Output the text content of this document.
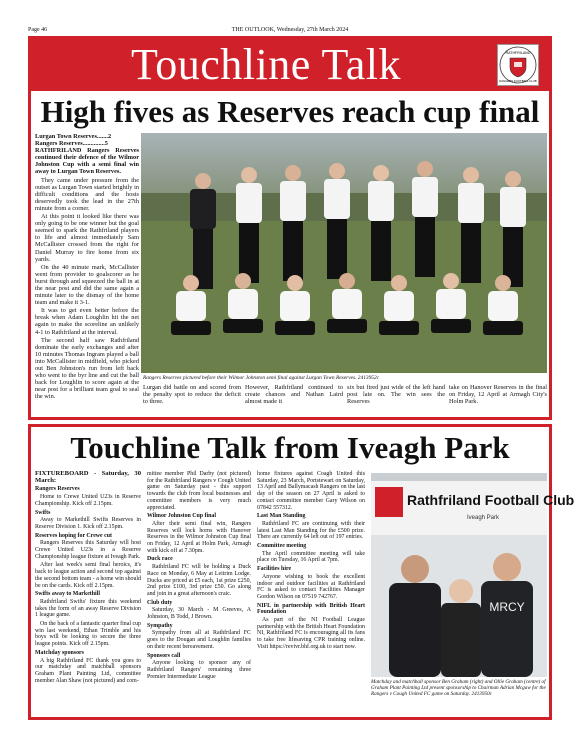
Page 46	THE OUTLOOK, Wednesday, 27th March 2024
Touchline Talk	RATHFRILAND
RANGERS FOOTBALL CLUB
High fives as Reserves reach cup final

Lurgan Town Reserves.......2

Rangers Reserves..............5

RATHFRILAND Rangers Reserves continued their defence of the Wilmor Johnston Cup with a semi final win away to Lurgan Town Reserves.

They came under pressure from the outset as Lurgan Town started brightly in difficult conditions and the hosts deservedly took the lead in the 27th minute from a corner.

At this point it looked like there was only going to be one winner but the goal seemed to spark the Rathfriland players to life and almost immediately Sam McCallister crossed from the right for Daniel Murray to fire home from six yards.

On the 40 minute mark, McCallister went from provider to goalscorer as he burst through and squeezed the ball in at the near post and did the same again a minute later to the dismay of the home team and make it 3-1.

It was to get even better before the break when Adam Loughlin hit the net again to make the scoreline an unlikely 4-1 to Rathfriland at the interval.

The second half saw Rathfriland dominate the early exchanges and after 10 minutes Thomas Ingram played a ball into McCallister in midfield, who picked out Ben Johnston's run from left back who went to the byr line and cut the ball back for Loughlin to score again at the near post for a brilliant team goal to seal the win.

Rangers Reserves pictured before their Wilmor Johnston semi final against Lurgan Town Reserves. 2413952c
Lurgan did battle on and scored from the penalty spot to reduce the deficit to three.
However, Rathfriland continued to create chances and Nathan Laird almost made it
six but fired just wide of the left hand post late on. The win sees the Reserves
take on Hanover Reserves in the final on Friday, 12 April at Armagh City's Holm Park.
Touchline Talk from Iveagh Park

FIXTUREBOARD - Saturday, 30 March:

Rangers Reserves

Home to Crewe United U23s in Reserve Championship. Kick off 2.15pm.

Swifts

Away to Markethill Swifts Reserves in Reserve Division 1. Kick off 2.15pm.

Reserves hoping for Crewe cut

Rangers Reserves this Saturday will host Crewe United U23s in a Reserve Championship league fixture at Iveagh Park.

After last week's semi final heroics, it's back to league action and second top against the second bottom team - a home win should be on the cards. Kick off 2.15pm.

Swifts away to Markethill

Rathfriland Swifts' fixture this weekend takes the form of an away Reserve Division 1 league game.

On the back of a fantastic quarter final cup win last weekend, Ethan Trimble and his boys will be looking to secure the three league points. Kick off 2.15pm.

Matchday sponsors

A big Rathfriland FC thank you goes to our matchday and matchball sponsors Graham Plant Painting Ltd, committee member Alan Shaw (not pictured) and com-

mittee member Phil Darby (not pictured) for the Rathfriland Rangers v Cough United game on Saturday past - this support towards the club from local businesses and committee members is very much appreciated.

Wilmor Johnston Cup final

After their semi final win, Rangers Reserves will lock horns with Hanover Reserves in the Wilmor Johnston Cup final on Friday, 12 April at Holm Park, Armagh with kick off at 7.30pm.

Duck race

Rathfriland FC will be holding a Duck Race on Monday, 6 May at Leitrim Lodge. Ducks are priced at £5 each, 1st prize £250, 2nd prize £100, 3rd prize £50. Go along and join in a great afternoon's craic.

Club duty

Saturday, 30 March - M Greeves, A Johnston, B Todd, J Brown.

Sympathy

Sympathy from all at Rathfriland FC goes to the Dougan and Loughlin families on their recent bereavement.

Sponsors call

Anyone looking to sponsor any of Rathfriland Rangers' remaining three Premier Intermediate League

home fixtures against Coagh United this Saturday, 23 March, Portstewart on Saturday, 13 April and Ballymacash Rangers on the last day of the season on 27 April is asked to contact committee member Gary Wilson on 07842 557312.

Last Man Standing

Rathfriland FC are continuing with their latest Last Man Standing for the £500 prize. There are currently 64 left out of 197 entries.

Committee meeting

The April committee meeting will take place on Tuesday, 16 April at 7pm.

Facilities hire

Anyone wishing to book the excellent indoor and outdoor facilities at Rathfriland FC is asked to contact Facilities Manager Gordon Wilson on 07519 742767.

NIFL in partnership with British Heart Foundation

As part of the NI Football League partnership with the British Heart Foundation NI, Rathfriland FC is encouraging all its fans to take free lifesaving CPR training online. Visit https://revivr.bhf.org.uk to start now.

Rathfriland Football Club
Iveagh Park
MRCY
Matchday and matchball sponsor Ben Graham (right) and Ollie Graham (centre) of Graham Plant Painting Ltd present sponsorship to Chairman Adrian Mcgaw for the Rangers v Cough United FC game on Saturday. 2413950c
